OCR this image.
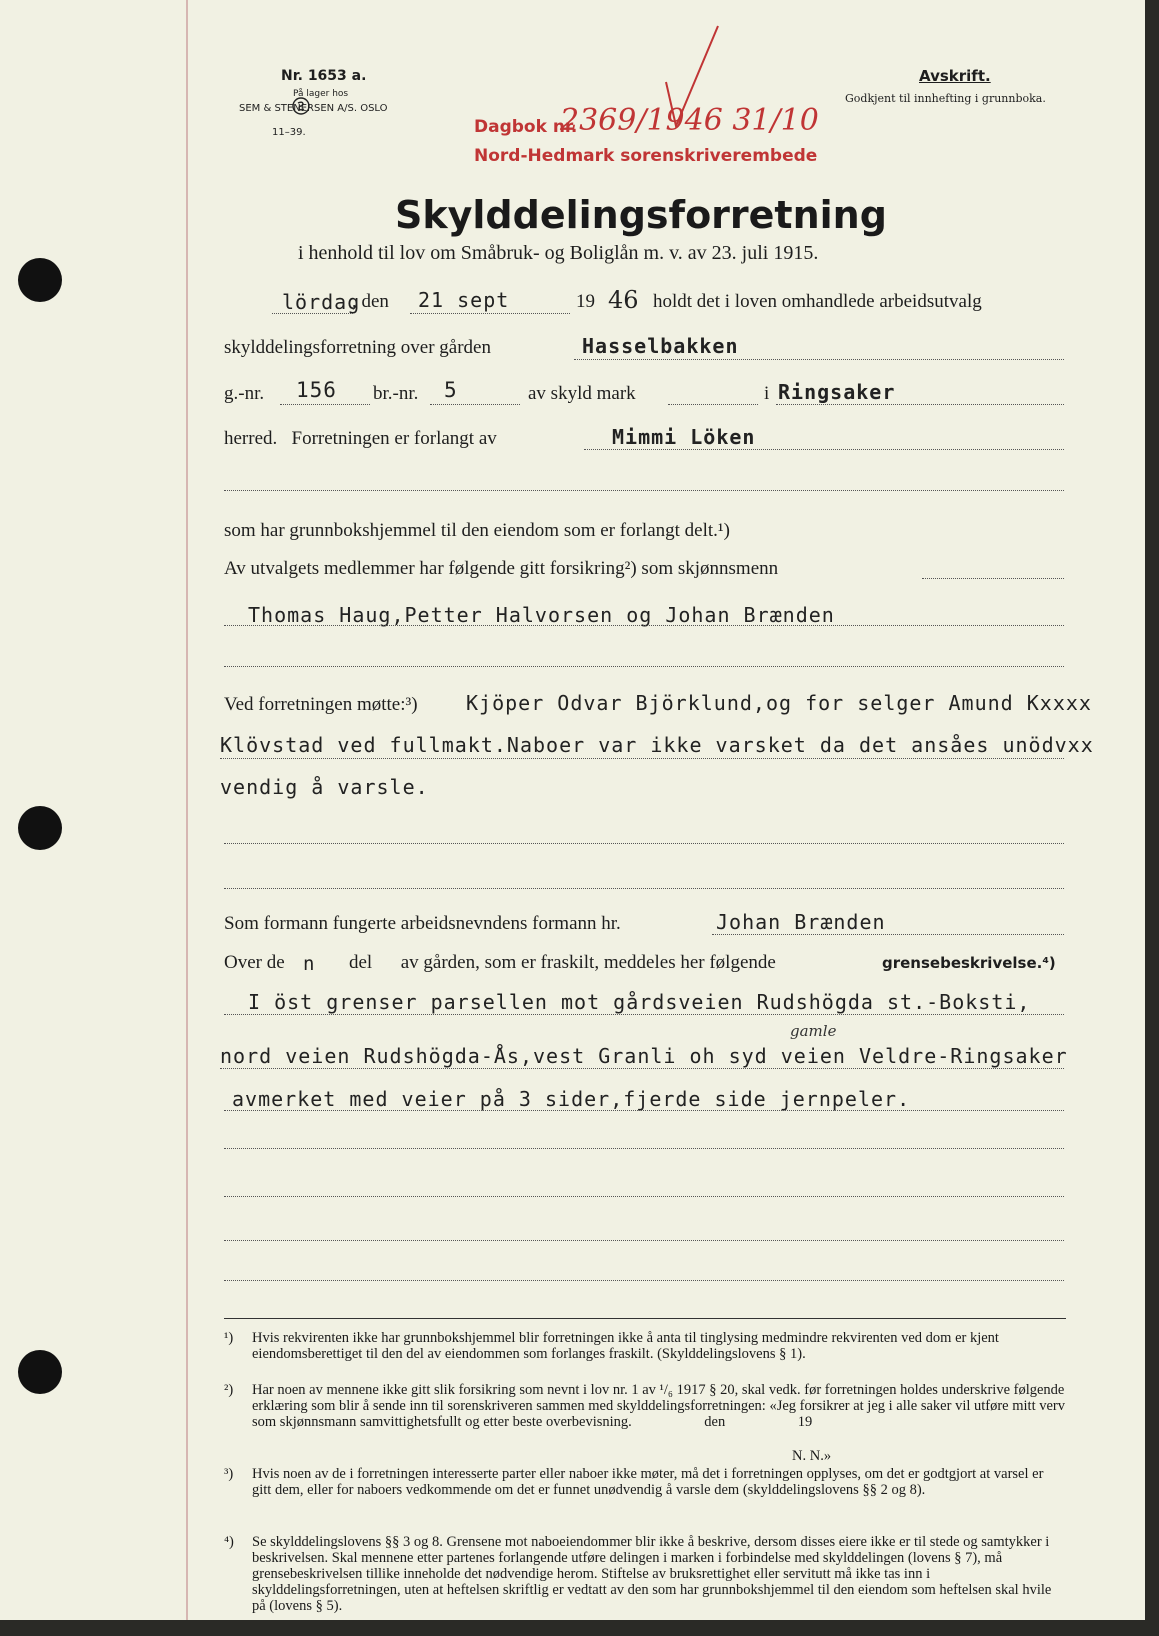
Nr. 1653 a.
På lager hos
SEM & STENERSEN A/S. OSLO
11–39.	Dagbok nr.
2369/1946 31/10
Nord-Hedmark sorenskriverembede
Avskrift.
Godkjent til innhefting i grunnboka.
Skylddelingsforretning
i henhold til lov om Småbruk- og Boliglån m. v. av 23. juli 1915.
lördag
, den 21 sept	19 46 holdt det i loven omhandlede arbeidsutvalg
skylddelingsforretning over gården	Hasselbakken
g.-nr. 156 br.-nr. 5	av skyld mark	i Ringsaker
herred.   Forretningen er forlangt av	Mimmi Löken
som har grunnbokshjemmel til den eiendom som er forlangt delt.¹)
Av utvalgets medlemmer har følgende gitt forsikring²) som skjønnsmenn
Thomas Haug,Petter Halvorsen og Johan Brænden
Ved forretningen møtte:³) Kjöper Odvar Björklund,og for selger Amund Kxxxx
Klövstad ved fullmakt.Naboer var ikke varsket da det ansåes unödvxx
vendig å varsle.
Som formann fungerte arbeidsnevndens formann hr.	Johan Brænden
Over de n del      av gården, som er fraskilt, meddeles her følgende	grensebeskrivelse.⁴)
I öst grenser parsellen mot gårdsveien Rudshögda st.-Boksti,
gamle
nord veien Rudshögda-Ås,vest Granli oh syd veien Veldre-Ringsaker
avmerket med veier på 3 sider,fjerde side jernpeler.
¹) Hvis rekvirenten ikke har grunnbokshjemmel blir forretningen ikke å anta til tinglysing medmindre rekvirenten ved dom er kjent eiendomsberettiget til den del av eiendommen som forlanges fraskilt. (Skylddelingslovens § 1).
²) Har noen av mennene ikke gitt slik forsikring som nevnt i lov nr. 1 av ¹/₆ 1917 § 20, skal vedk. før forretningen holdes underskrive følgende erklæring som blir å sende inn til sorenskriveren sammen med skylddelingsforretningen: «Jeg forsikrer at jeg i alle saker vil utføre mitt verv som skjønnsmann samvittighetsfullt og etter beste overbevisning.                    den                    19
N. N.»
³) Hvis noen av de i forretningen interesserte parter eller naboer ikke møter, må det i forretningen opplyses, om det er godtgjort at varsel er gitt dem, eller for naboers vedkommende om det er funnet unødvendig å varsle dem (skylddelingslovens §§ 2 og 8).
⁴) Se skylddelingslovens §§ 3 og 8. Grensene mot naboeiendommer blir ikke å beskrive, dersom disses eiere ikke er til stede og samtykker i beskrivelsen. Skal mennene etter partenes forlangende utføre delingen i marken i forbindelse med skylddelingen (lovens § 7), må grensebeskrivelsen tillike inneholde det nødvendige herom. Stiftelse av bruksrettighet eller servitutt må ikke tas inn i skylddelingsforretningen, uten at heftelsen skriftlig er vedtatt av den som har grunnbokshjemmel til den eiendom som heftelsen skal hvile på (lovens § 5).
